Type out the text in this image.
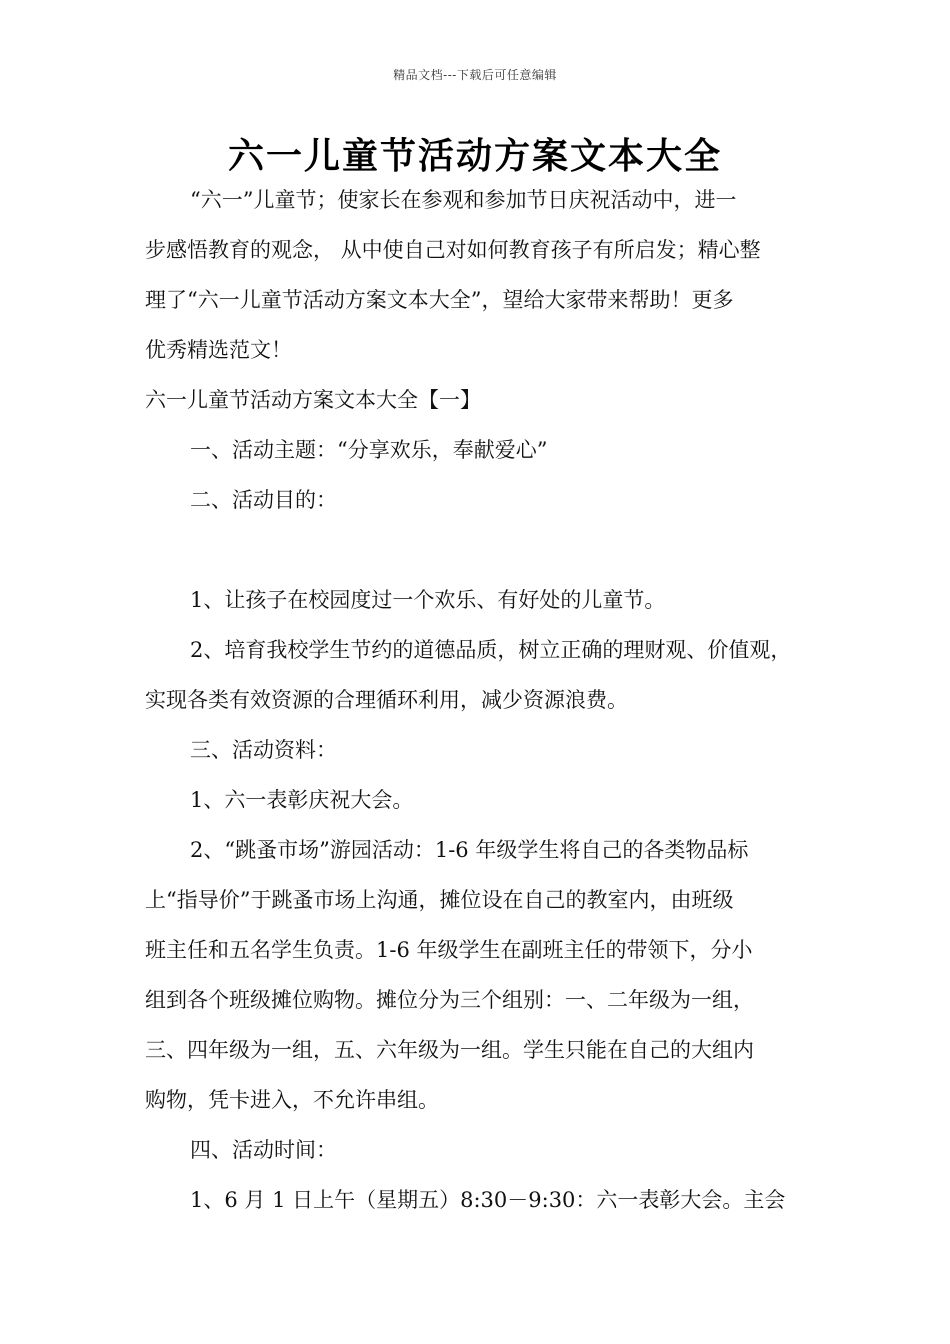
精品文档---下载后可任意编辑
六一儿童节活动方案文本大全
“六一”儿童节；使家长在参观和参加节日庆祝活动中，进一
步感悟教育的观念， 从中使自己对如何教育孩子有所启发；精心整
理了“六一儿童节活动方案文本大全”，望给大家带来帮助！更多
优秀精选范文！
六一儿童节活动方案文本大全【一】
一、活动主题：“分享欢乐，奉献爱心”
二、活动目的：
1、让孩子在校园度过一个欢乐、有好处的儿童节。
2、培育我校学生节约的道德品质，树立正确的理财观、价值观，
实现各类有效资源的合理循环利用，减少资源浪费。
三、活动资料：
1、六一表彰庆祝大会。
2、“跳蚤市场”游园活动：1-6 年级学生将自己的各类物品标
上“指导价”于跳蚤市场上沟通，摊位设在自己的教室内，由班级
班主任和五名学生负责。1-6 年级学生在副班主任的带领下，分小
组到各个班级摊位购物。摊位分为三个组别：一、二年级为一组，
三、四年级为一组，五、六年级为一组。学生只能在自己的大组内
购物，凭卡进入，不允许串组。
四、活动时间：
1、6 月 1 日上午（星期五）8:30－9:30：六一表彰大会。主会
